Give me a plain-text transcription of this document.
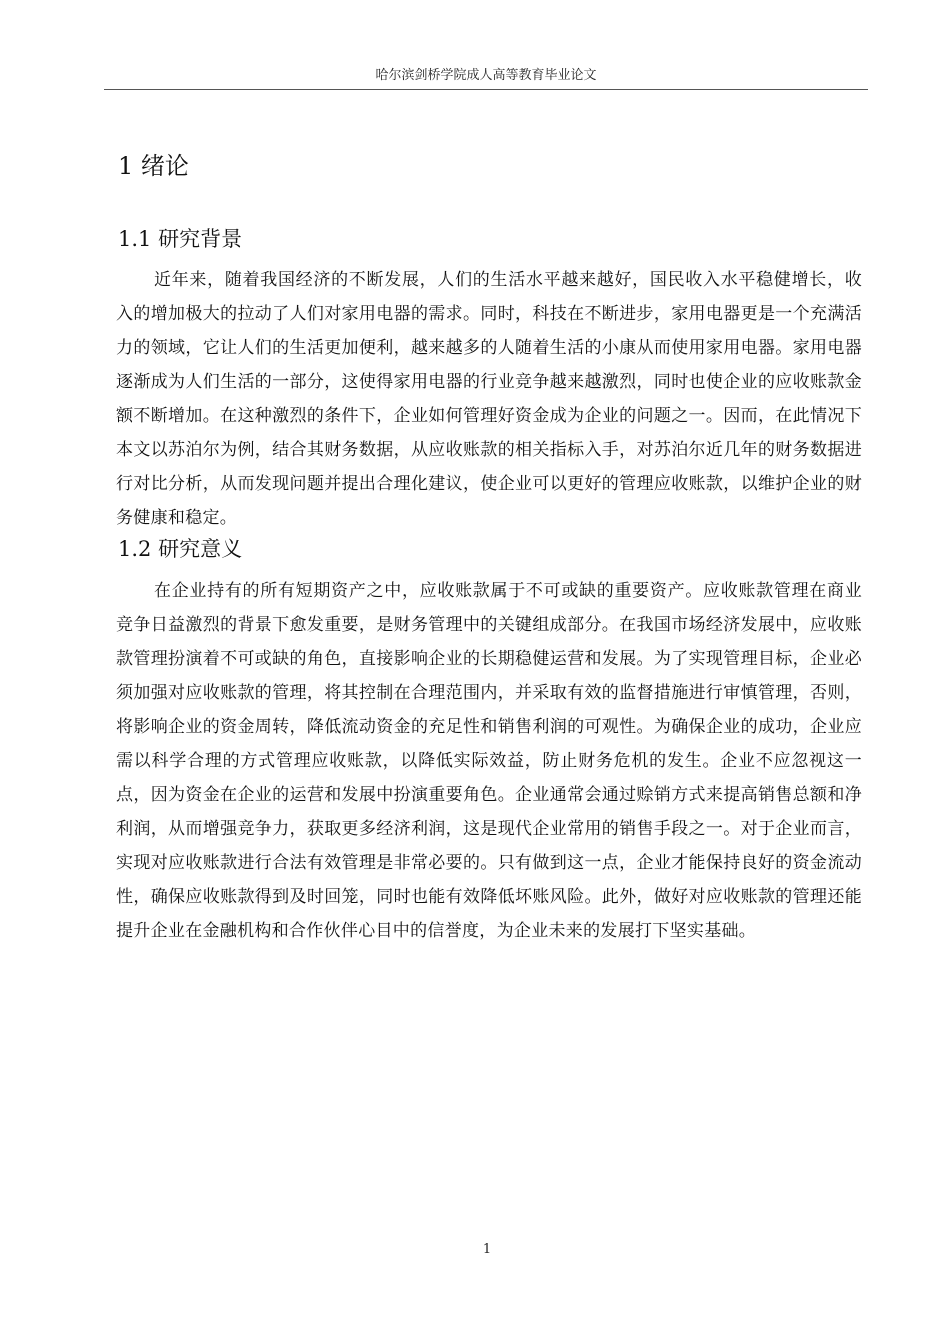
哈尔滨剑桥学院成人高等教育毕业论文
1 绪论
1.1 研究背景

近年来，随着我国经济的不断发展，人们的生活水平越来越好，国民收入水平稳健增长，收入的增加极大的拉动了人们对家用电器的需求。同时，科技在不断进步，家用电器更是一个充满活力的领域，它让人们的生活更加便利，越来越多的人随着生活的小康从而使用家用电器。家用电器逐渐成为人们生活的一部分，这使得家用电器的行业竞争越来越激烈，同时也使企业的应收账款金额不断增加。在这种激烈的条件下，企业如何管理好资金成为企业的问题之一。因而，在此情况下本文以苏泊尔为例，结合其财务数据，从应收账款的相关指标入手，对苏泊尔近几年的财务数据进行对比分析，从而发现问题并提出合理化建议，使企业可以更好的管理应收账款，以维护企业的财务健康和稳定。

1.2 研究意义

在企业持有的所有短期资产之中，应收账款属于不可或缺的重要资产。应收账款管理在商业竞争日益激烈的背景下愈发重要，是财务管理中的关键组成部分。在我国市场经济发展中，应收账款管理扮演着不可或缺的角色，直接影响企业的长期稳健运营和发展。为了实现管理目标，企业必须加强对应收账款的管理，将其控制在合理范围内，并采取有效的监督措施进行审慎管理，否则，将影响企业的资金周转，降低流动资金的充足性和销售利润的可观性。为确保企业的成功，企业应需以科学合理的方式管理应收账款，以降低实际效益，防止财务危机的发生。企业不应忽视这一点，因为资金在企业的运营和发展中扮演重要角色。企业通常会通过赊销方式来提高销售总额和净利润，从而增强竞争力，获取更多经济利润，这是现代企业常用的销售手段之一。对于企业而言，实现对应收账款进行合法有效管理是非常必要的。只有做到这一点，企业才能保持良好的资金流动性，确保应收账款得到及时回笼，同时也能有效降低坏账风险。此外，做好对应收账款的管理还能提升企业在金融机构和合作伙伴心目中的信誉度，为企业未来的发展打下坚实基础。

1
